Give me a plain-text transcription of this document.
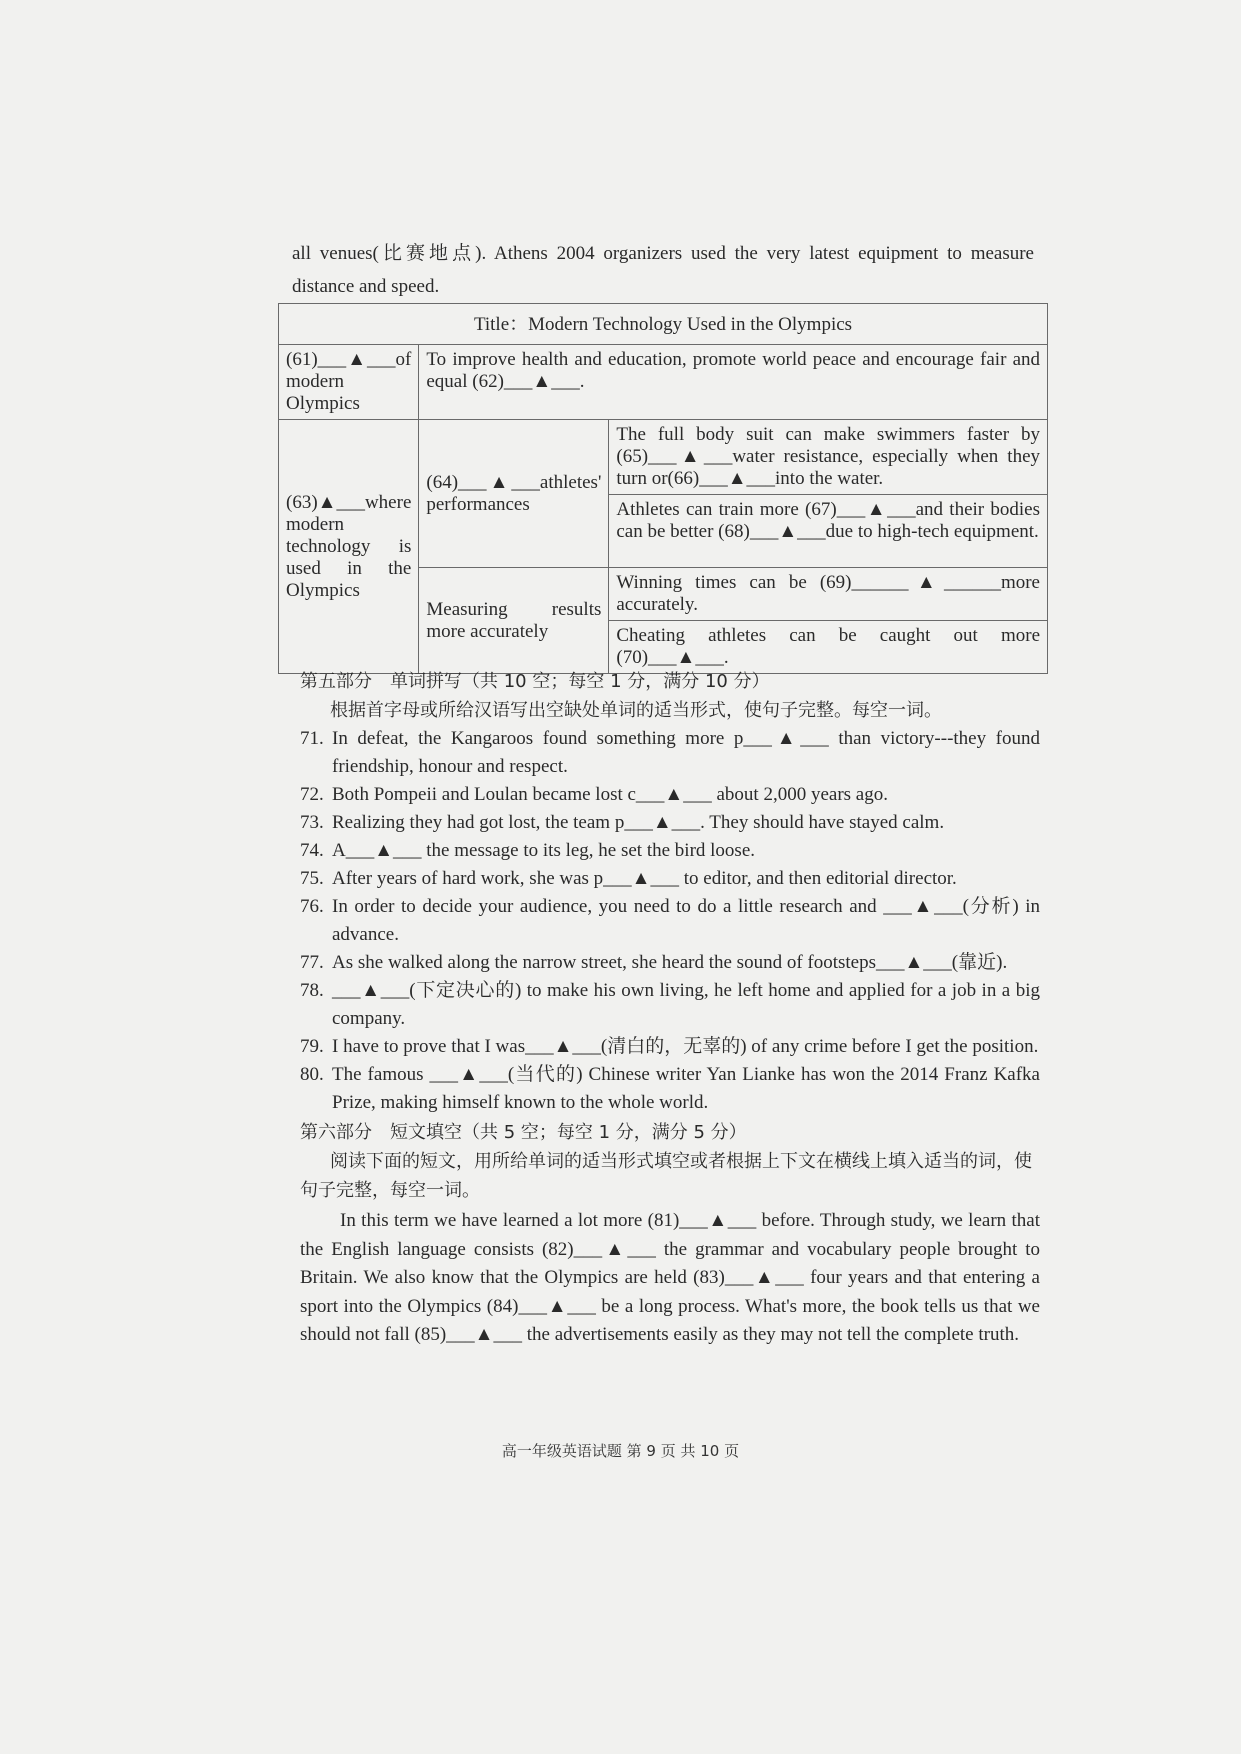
all venues(比赛地点). Athens 2004 organizers used the very latest equipment to measure distance and speed.

Title：Modern Technology Used in the Olympics		
(61)___▲___of modern Olympics	To improve health and education, promote world peace and encourage fair and equal (62)___▲___.	
(63)▲___where modern technology is used in the Olympics	(64)___▲___athletes' performances	The full body suit can make swimmers faster by (65)___▲___water resistance, especially when they turn or(66)___▲___into the water.
		Athletes can train more (67)___▲___and their bodies can be better (68)___▲___due to high-tech equipment.
	Measuring results more accurately	Winning times can be (69)______▲______more accurately.
		Cheating athletes can be caught out more (70)___▲___.

第五部分 单词拼写（共 10 空；每空 1 分，满分 10 分）

根据首字母或所给汉语写出空缺处单词的适当形式，使句子完整。每空一词。

71. In defeat, the Kangaroos found something more p___▲___ than victory---they found friendship, honour and respect.
72. Both Pompeii and Loulan became lost c___▲___ about 2,000 years ago.
73. Realizing they had got lost, the team p___▲___. They should have stayed calm.
74. A___▲___ the message to its leg, he set the bird loose.
75. After years of hard work, she was p___▲___ to editor, and then editorial director.
76. In order to decide your audience, you need to do a little research and ___▲___(分析) in advance.
77. As she walked along the narrow street, she heard the sound of footsteps___▲___(靠近).
78. ___▲___(下定决心的) to make his own living, he left home and applied for a job in a big company.
79. I have to prove that I was___▲___(清白的，无辜的) of any crime before I get the position.
80. The famous ___▲___(当代的) Chinese writer Yan Lianke has won the 2014 Franz Kafka Prize, making himself known to the whole world.

第六部分 短文填空（共 5 空；每空 1 分，满分 5 分）

阅读下面的短文，用所给单词的适当形式填空或者根据上下文在横线上填入适当的词，使句子完整，每空一词。

In this term we have learned a lot more (81)___▲___ before. Through study, we learn that the English language consists (82)___▲___ the grammar and vocabulary people brought to Britain. We also know that the Olympics are held (83)___▲___ four years and that entering a sport into the Olympics (84)___▲___ be a long process. What's more, the book tells us that we should not fall (85)___▲___ the advertisements easily as they may not tell the complete truth.

高一年级英语试题 第 9 页 共 10 页
